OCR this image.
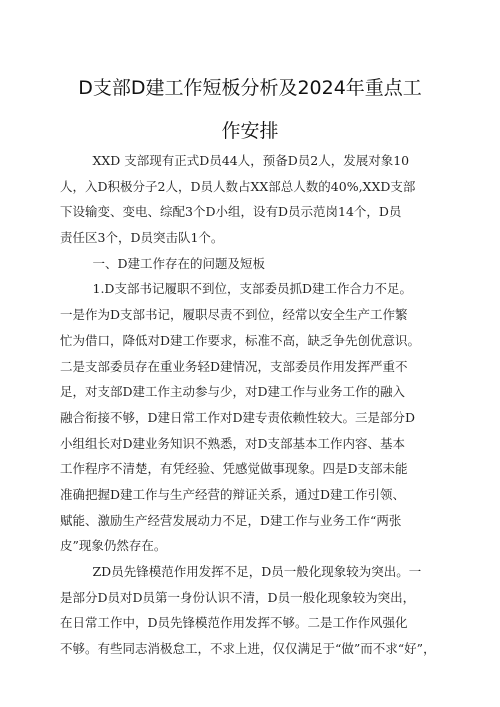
D支部D建工作短板分析及2024年重点工
作安排
XXD 支部现有正式D员44人，预备D员2人，发展对象10
人，入D积极分子2人，D员人数占XX部总人数的40%,XXD支部
下设输变、变电、综配3个D小组，设有D员示范岗14个，D员
责任区3个，D员突击队1个。
一、D建工作存在的问题及短板
1.D支部书记履职不到位，支部委员抓D建工作合力不足。
一是作为D支部书记，履职尽责不到位，经常以安全生产工作繁
忙为借口，降低对D建工作要求，标准不高，缺乏争先创优意识。
二是支部委员存在重业务轻D建情况，支部委员作用发挥严重不
足，对支部D建工作主动参与少，对D建工作与业务工作的融入
融合衔接不够，D建日常工作对D建专责依赖性较大。三是部分D
小组组长对D建业务知识不熟悉，对D支部基本工作内容、基本
工作程序不清楚，有凭经验、凭感觉做事现象。四是D支部未能
准确把握D建工作与生产经营的辩证关系，通过D建工作引领、
赋能、激励生产经营发展动力不足，D建工作与业务工作“两张
皮”现象仍然存在。
ZD员先锋模范作用发挥不足，D员一般化现象较为突出。一
是部分D员对D员第一身份认识不清，D员一般化现象较为突出，
在日常工作中，D员先锋模范作用发挥不够。二是工作作风强化
不够。有些同志消极怠工，不求上进，仅仅满足于“做”而不求“好”，
